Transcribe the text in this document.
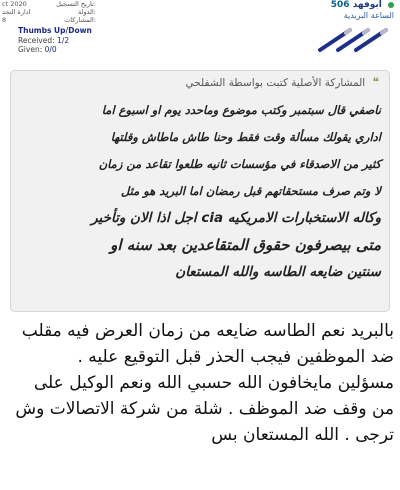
ct 2020	تاريخ التسجيل:
ادارة النجد	الدولة:
8	المشاركات:
Thumbs Up/Down
Received: 1/2
Given: 0/0
ابوفهد 506
الساعة البريدية
❝ المشاركة الأصلية كتبت بواسطة الشفلحي
ناصفي قال سبتمبر وكتب موضوع وماحدد يوم او اسبوع اما
اداري يقولك مسألة وقت فقط وحنا طاش ماطاش وقلتها
كثير من الاصدقاء في مؤسسات ثانيه طلعوا تقاعد من زمان
لا وتم صرف مستحقاتهم قبل رمضان اما البريد هو مثل
وكاله الاستخبارات الامريكيه cia اجل اذا الان وتأخير
متى بيصرفون حقوق المتقاعدين بعد سنه او
سنتين ضايعه الطاسه والله المستعان
بالبريد نعم الطاسه ضايعه من زمان العرض فيه مقلب
ضد الموظفين فيجب الحذر قبل التوقيع عليه .
مسؤلين مايخافون الله حسبي الله ونعم الوكيل على
من وقف ضد الموظف . شلة من شركة الاتصالات وش
ترجى . الله المستعان بس
